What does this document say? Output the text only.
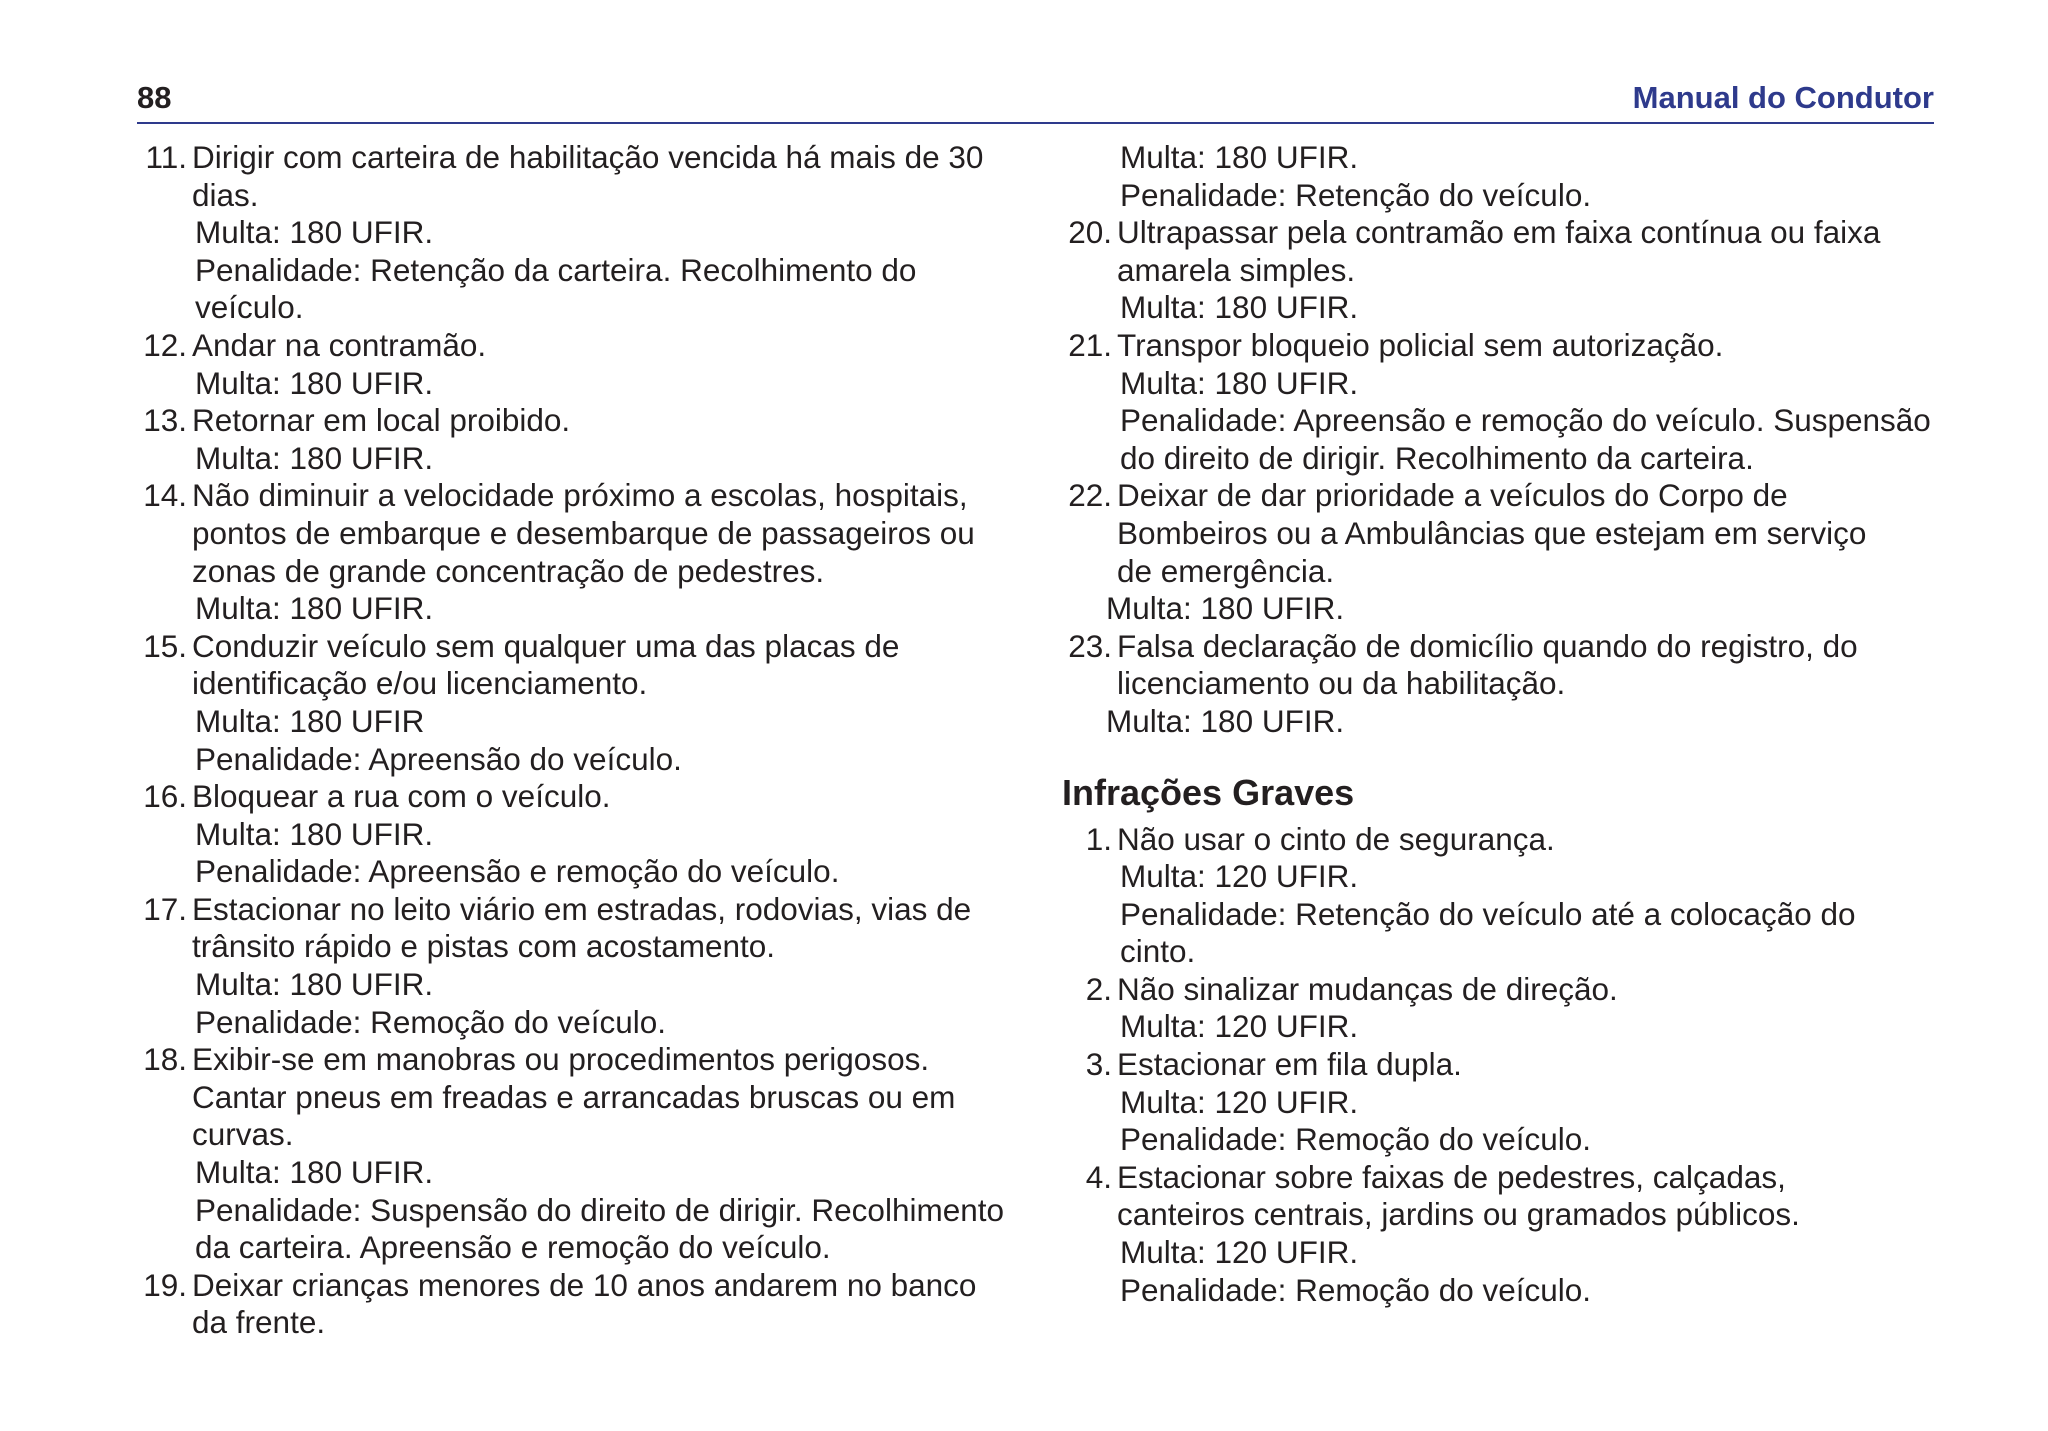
88	Manual do Condutor
11. Dirigir com carteira de habilitação vencida há mais de 30
dias.
Multa: 180 UFIR.
Penalidade: Retenção da carteira. Recolhimento do
veículo.
12. Andar na contramão.
Multa: 180 UFIR.
13. Retornar em local proibido.
Multa: 180 UFIR.
14. Não diminuir a velocidade próximo a escolas, hospitais,
pontos de embarque e desembarque de passageiros ou
zonas de grande concentração de pedestres.
Multa: 180 UFIR.
15. Conduzir veículo sem qualquer uma das placas de
identificação e/ou licenciamento.
Multa: 180 UFIR
Penalidade: Apreensão do veículo.
16. Bloquear a rua com o veículo.
Multa: 180 UFIR.
Penalidade: Apreensão e remoção do veículo.
17. Estacionar no leito viário em estradas, rodovias, vias de
trânsito rápido e pistas com acostamento.
Multa: 180 UFIR.
Penalidade: Remoção do veículo.
18. Exibir-se em manobras ou procedimentos perigosos.
Cantar pneus em freadas e arrancadas bruscas ou em
curvas.
Multa: 180 UFIR.
Penalidade: Suspensão do direito de dirigir. Recolhimento
da carteira. Apreensão e remoção do veículo.
19. Deixar crianças menores de 10 anos andarem no banco
da frente.
Multa: 180 UFIR.
Penalidade: Retenção do veículo.
20. Ultrapassar pela contramão em faixa contínua ou faixa
amarela simples.
Multa: 180 UFIR.
21. Transpor bloqueio policial sem autorização.
Multa: 180 UFIR.
Penalidade: Apreensão e remoção do veículo. Suspensão
do direito de dirigir. Recolhimento da carteira.
22. Deixar de dar prioridade a veículos do Corpo de
Bombeiros ou a Ambulâncias que estejam em serviço
de emergência.
Multa: 180 UFIR.
23. Falsa declaração de domicílio quando do registro, do
licenciamento ou da habilitação.
Multa: 180 UFIR.
Infrações Graves
1. Não usar o cinto de segurança.
Multa: 120 UFIR.
Penalidade: Retenção do veículo até a colocação do
cinto.
2. Não sinalizar mudanças de direção.
Multa: 120 UFIR.
3. Estacionar em fila dupla.
Multa: 120 UFIR.
Penalidade: Remoção do veículo.
4. Estacionar sobre faixas de pedestres, calçadas,
canteiros centrais, jardins ou gramados públicos.
Multa: 120 UFIR.
Penalidade: Remoção do veículo.
